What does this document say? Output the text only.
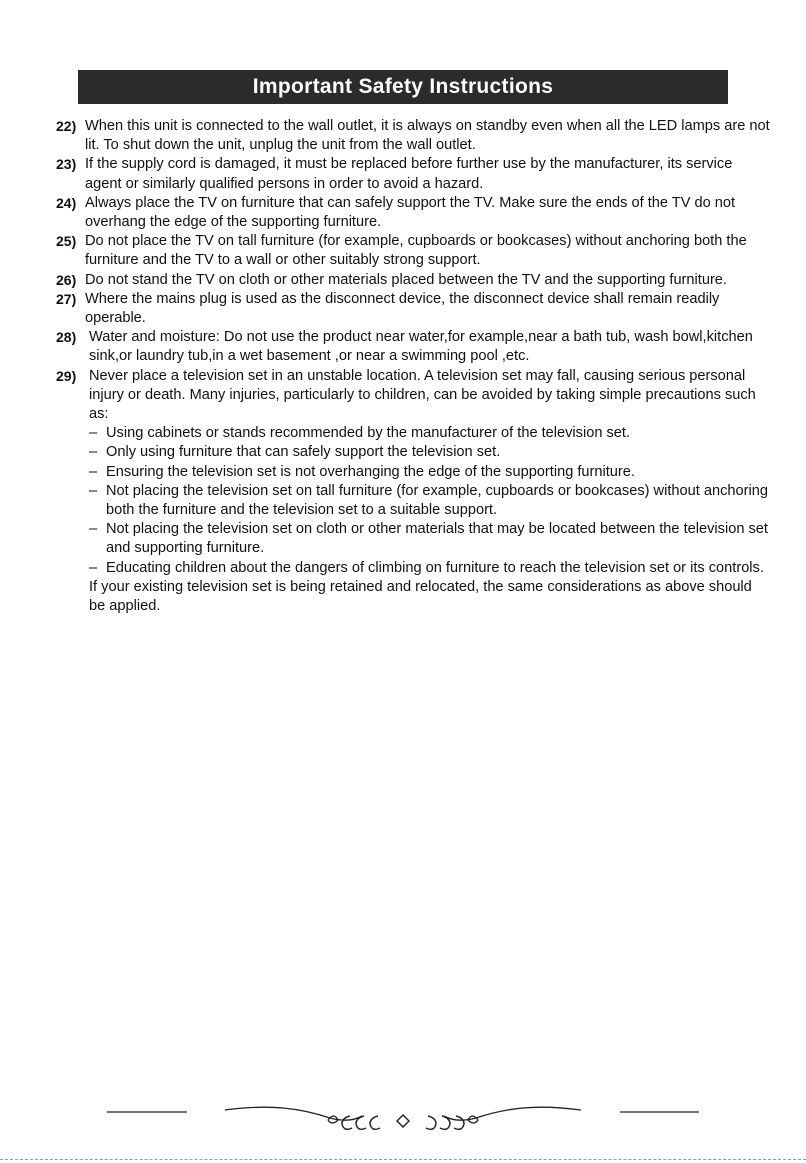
Important Safety Instructions
22) When this unit is connected to the wall outlet, it is always on standby even when all the LED lamps are not lit. To shut down the unit, unplug the unit from the wall outlet.

23) If the supply cord is damaged, it must be replaced before further use by the manufacturer, its service agent or similarly qualified persons in order to avoid a hazard.

24) Always place the TV on furniture that can safely support the TV. Make sure the ends of the TV do not overhang the edge of the supporting furniture.

25) Do not place the TV on tall furniture (for example, cupboards or bookcases) without anchoring both the furniture and the TV to a wall or other suitably strong support.

26) Do not stand the TV on cloth or other materials placed between the TV and the supporting furniture.

27) Where the mains plug is used as the disconnect device, the disconnect device shall remain readily operable.

28) Water and moisture: Do not use the product near water,for example,near a bath tub, wash bowl,kitchen sink,or laundry tub,in a wet basement ,or near a swimming pool ,etc.

29) Never place a television set in an unstable location. A television set may fall, causing serious personal injury or death. Many injuries, particularly to children, can be avoided by taking simple precautions such as:

– Using cabinets or stands recommended by the manufacturer of the television set.
– Only using furniture that can safely support the television set.
– Ensuring the television set is not overhanging the edge of the supporting furniture.
– Not placing the television set on tall furniture (for example, cupboards or bookcases) without anchoring both the furniture and the television set to a suitable support.
– Not placing the television set on cloth or other materials that may be located between the television set and supporting furniture.
– Educating children about the dangers of climbing on furniture to reach the television set or its controls.

If your existing television set is being retained and relocated, the same considerations as above should be applied.
